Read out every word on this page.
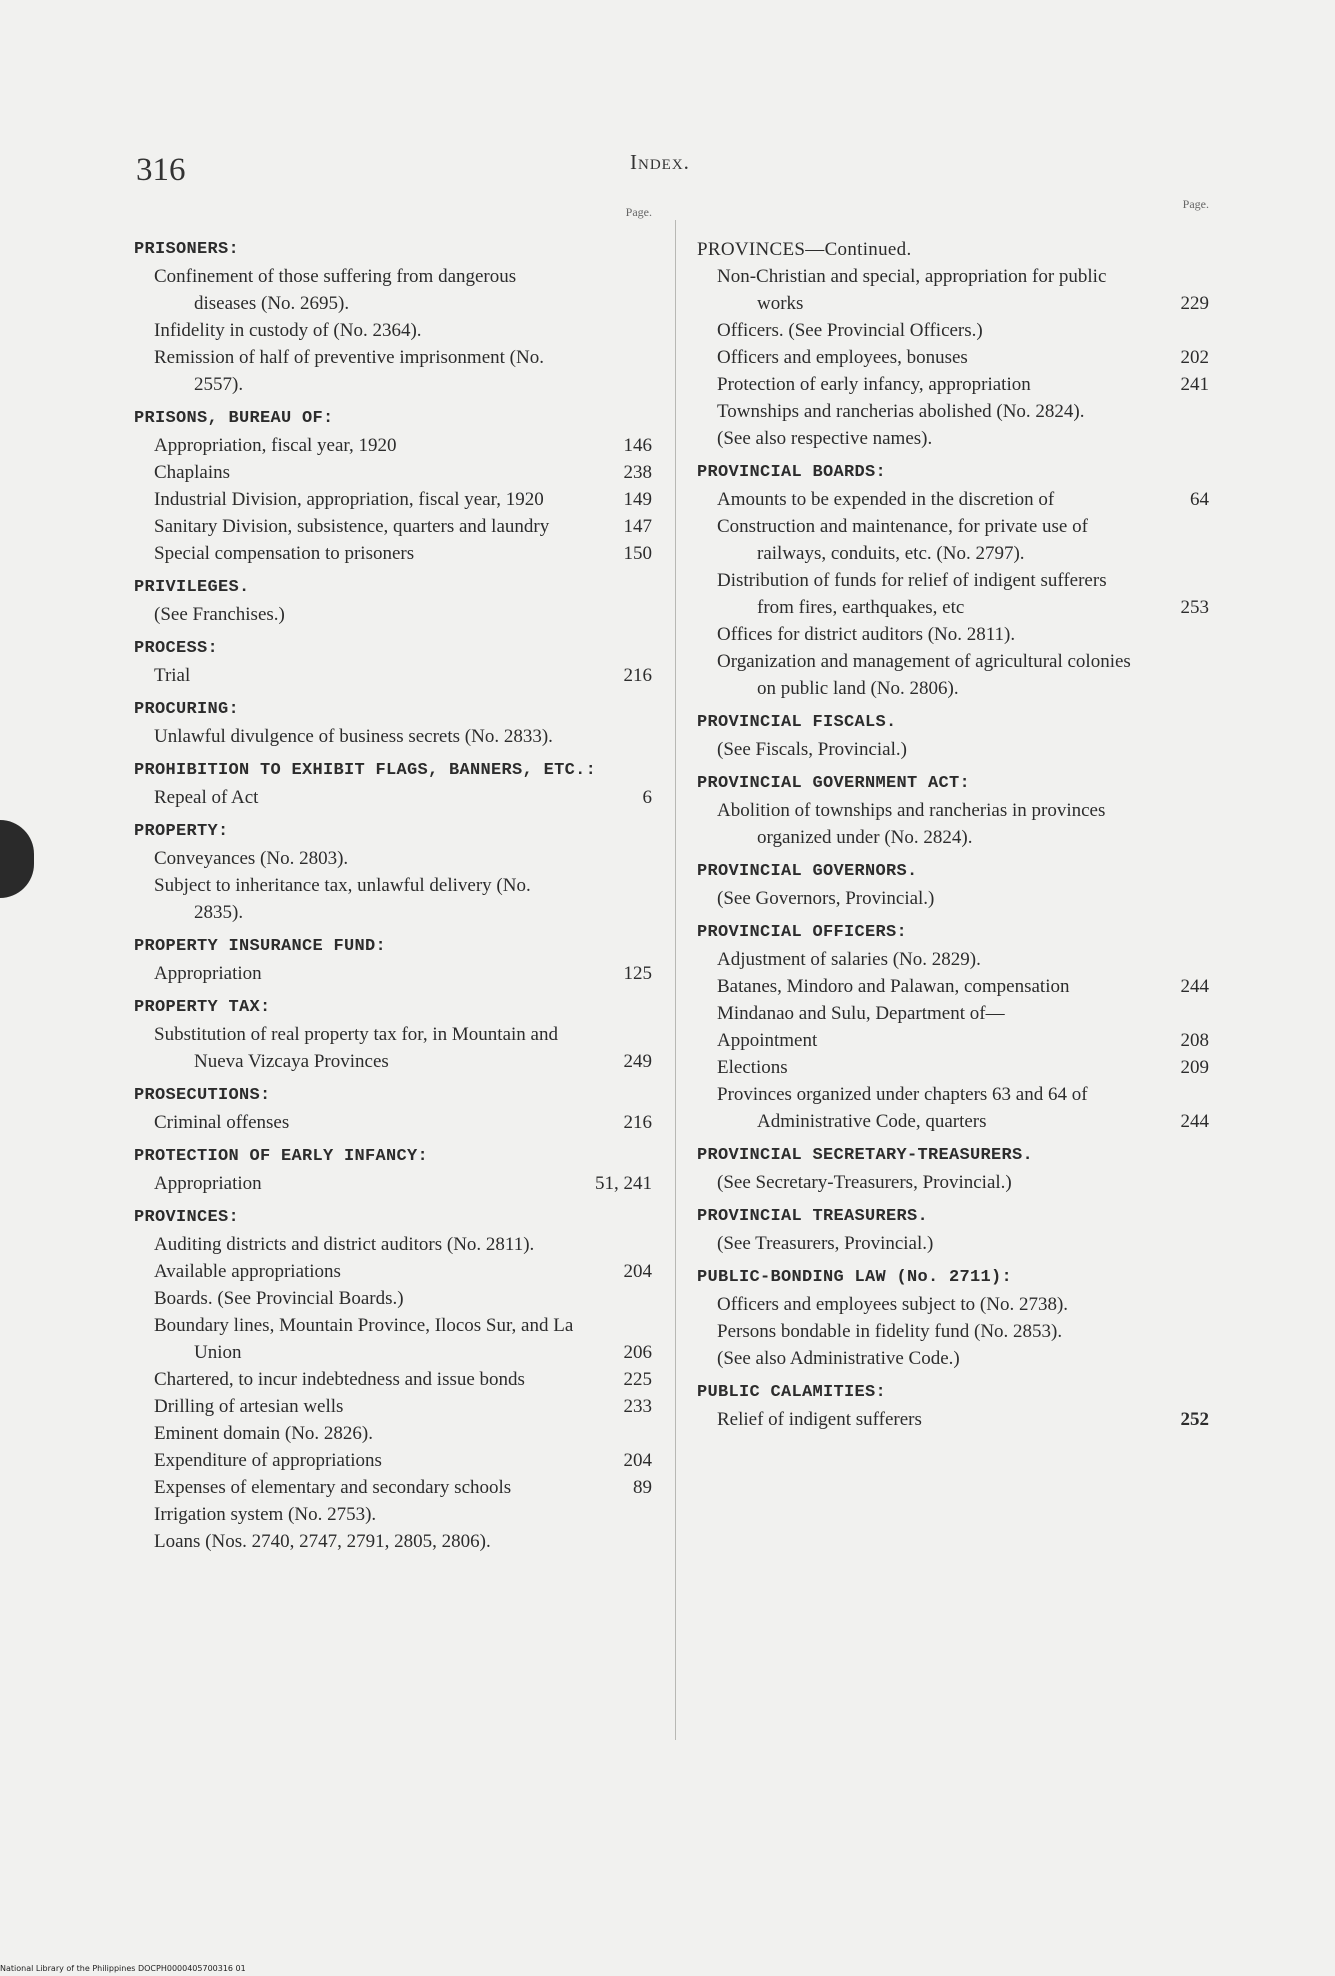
316	Index.
Page.
PRISONERS:
Confinement of those suffering from dangerous diseases (No. 2695).
Infidelity in custody of (No. 2364).
Remission of half of preventive imprisonment (No. 2557).
PRISONS, BUREAU OF:
Appropriation, fiscal year, 1920	146
Chaplains	238
Industrial Division, appropriation, fiscal year, 1920	149
Sanitary Division, subsistence, quarters and laundry	147
Special compensation to prisoners	150
PRIVILEGES.
(See Franchises.)
PROCESS:
Trial	216
PROCURING:
Unlawful divulgence of business secrets (No. 2833).
PROHIBITION TO EXHIBIT FLAGS, BANNERS, ETC.:
Repeal of Act	6
PROPERTY:
Conveyances (No. 2803).
Subject to inheritance tax, unlawful delivery (No. 2835).
PROPERTY INSURANCE FUND:
Appropriation	125
PROPERTY TAX:
Substitution of real property tax for, in Mountain and Nueva Vizcaya Provinces	249
PROSECUTIONS:
Criminal offenses	216
PROTECTION OF EARLY INFANCY:
Appropriation	51, 241
PROVINCES:
Auditing districts and district auditors (No. 2811).
Available appropriations	204
Boards. (See Provincial Boards.)
Boundary lines, Mountain Province, Ilocos Sur, and La Union	206
Chartered, to incur indebtedness and issue bonds	225
Drilling of artesian wells	233
Eminent domain (No. 2826).
Expenditure of appropriations	204
Expenses of elementary and secondary schools	89
Irrigation system (No. 2753).
Loans (Nos. 2740, 2747, 2791, 2805, 2806).
Page.
PROVINCES—Continued.
Non-Christian and special, appropriation for public works	229
Officers. (See Provincial Officers.)
Officers and employees, bonuses	202
Protection of early infancy, appropriation	241
Townships and rancherias abolished (No. 2824).
(See also respective names).
PROVINCIAL BOARDS:
Amounts to be expended in the discretion of	64
Construction and maintenance, for private use of railways, conduits, etc. (No. 2797).
Distribution of funds for relief of indigent sufferers from fires, earthquakes, etc	253
Offices for district auditors (No. 2811).
Organization and management of agricultural colonies on public land (No. 2806).
PROVINCIAL FISCALS.
(See Fiscals, Provincial.)
PROVINCIAL GOVERNMENT ACT:
Abolition of townships and rancherias in provinces organized under (No. 2824).
PROVINCIAL GOVERNORS.
(See Governors, Provincial.)
PROVINCIAL OFFICERS:
Adjustment of salaries (No. 2829).
Batanes, Mindoro and Palawan, compensation	244
Mindanao and Sulu, Department of—
Appointment	208
Elections	209
Provinces organized under chapters 63 and 64 of Administrative Code, quarters	244
PROVINCIAL SECRETARY-TREASURERS.
(See Secretary-Treasurers, Provincial.)
PROVINCIAL TREASURERS.
(See Treasurers, Provincial.)
PUBLIC-BONDING LAW (No. 2711):
Officers and employees subject to (No. 2738).
Persons bondable in fidelity fund (No. 2853).
(See also Administrative Code.)
PUBLIC CALAMITIES:
Relief of indigent sufferers	252
National Library of the Philippines DOCPH0000405700316 01
